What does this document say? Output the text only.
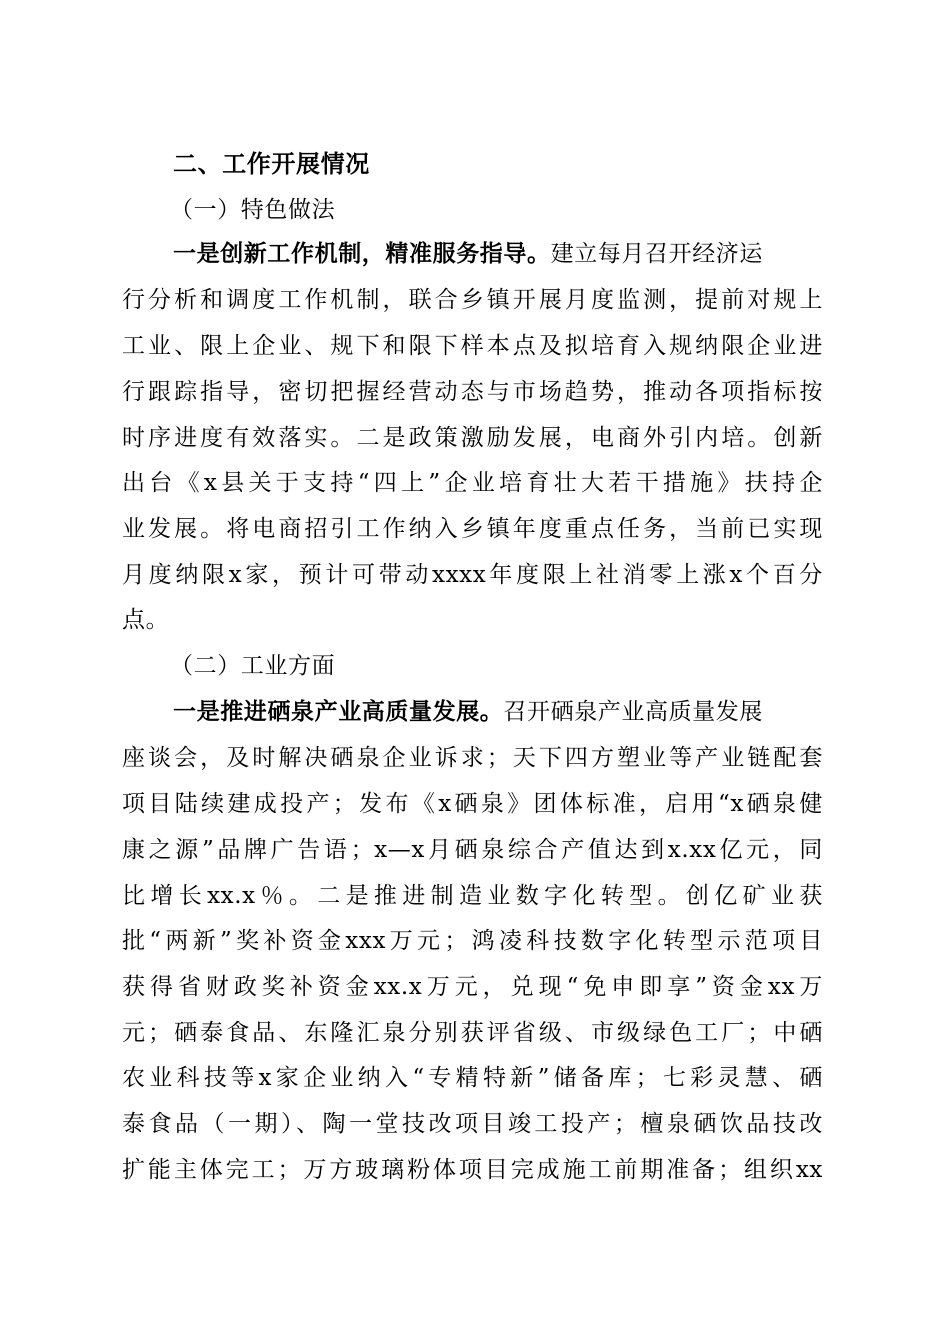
二、工作开展情况
（一）特色做法
一是创新工作机制，精准服务指导。建立每月召开经济运
行分析和调度工作机制，联合乡镇开展月度监测，提前对规上
工业、限上企业、规下和限下样本点及拟培育入规纳限企业进
行跟踪指导，密切把握经营动态与市场趋势，推动各项指标按
时序进度有效落实。二是政策激励发展，电商外引内培。创新
出台《x县关于支持“四上”企业培育壮大若干措施》扶持企
业发展。将电商招引工作纳入乡镇年度重点任务，当前已实现
月度纳限x家，预计可带动xxxx年度限上社消零上涨x个百分
点。
（二）工业方面
一是推进硒泉产业高质量发展。召开硒泉产业高质量发展
座谈会，及时解决硒泉企业诉求；天下四方塑业等产业链配套
项目陆续建成投产；发布《x硒泉》团体标准，启用“x硒泉健
康之源”品牌广告语；x—x月硒泉综合产值达到x.xx亿元，同
比增长xx.x％。二是推进制造业数字化转型。创亿矿业获
批“两新”奖补资金xxx万元；鸿凌科技数字化转型示范项目
获得省财政奖补资金xx.x万元，兑现“免申即享”资金xx万
元；硒泰食品、东隆汇泉分别获评省级、市级绿色工厂；中硒
农业科技等x家企业纳入“专精特新”储备库；七彩灵慧、硒
泰食品（一期）、陶一堂技改项目竣工投产；檀泉硒饮品技改
扩能主体完工；万方玻璃粉体项目完成施工前期准备；组织xx
